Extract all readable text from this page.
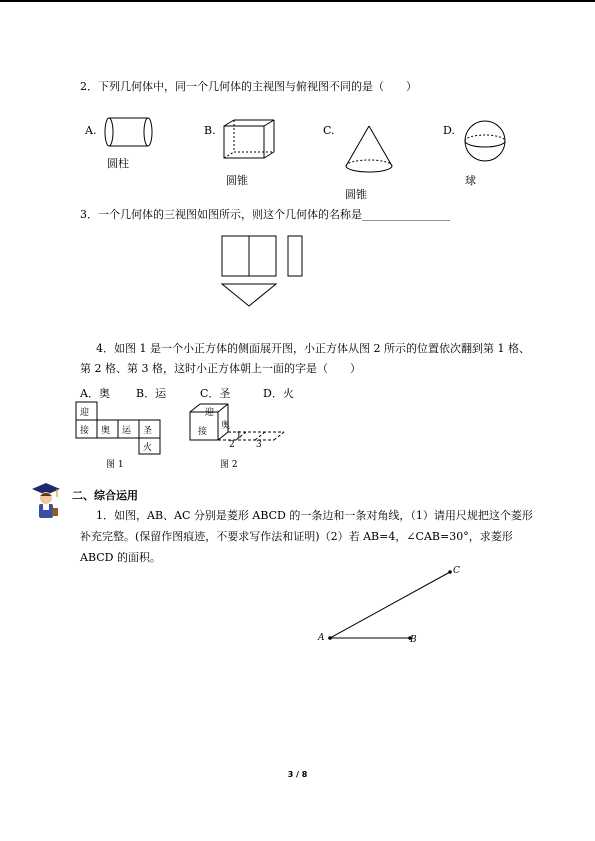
2．下列几何体中，同一个几何体的主视图与俯视图不同的是（　　）
A.
圆柱
B.
圆锥
C.
圆锥
D.
球
3．一个几何体的三视图如图所示，则这个几何体的名称是________________
4．如图 1 是一个小正方体的侧面展开图，小正方体从图 2 所示的位置依次翻到第 1 格、
第 2 格、第 3 格，这时小正方体朝上一面的字是（　　）
A．奥 B．运	C．圣	D．火
迎
接 奥 运 圣
火
图 1
迎
接
奥
1
2 3
图 2
二、综合运用
1．如图，AB、AC 分别是菱形 ABCD 的一条边和一条对角线，（1）请用尺规把这个菱形
补充完整。(保留作图痕迹，不要求写作法和证明)（2）若 AB=4，∠CAB=30°，求菱形
ABCD 的面积。
A	B
C
3 / 8
